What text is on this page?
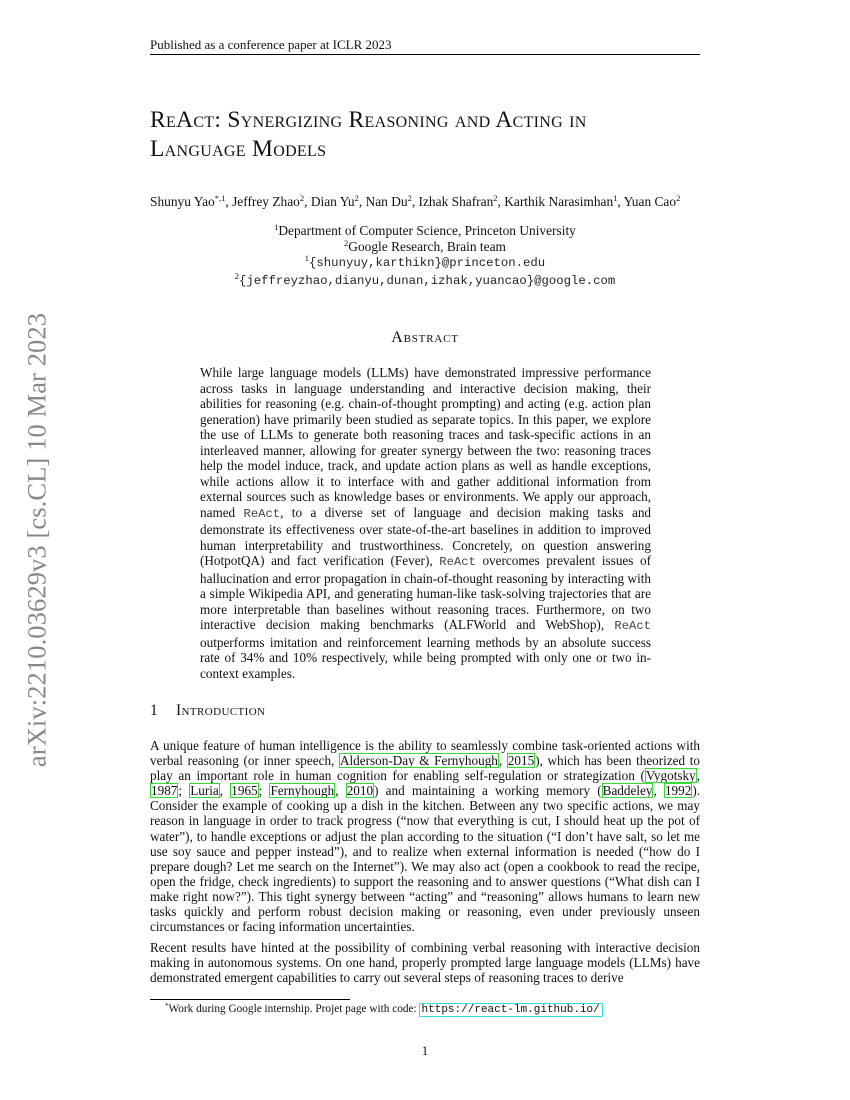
Published as a conference paper at ICLR 2023
arXiv:2210.03629v3 [cs.CL] 10 Mar 2023
ReAct: Synergizing Reasoning and Acting in
Language Models
Shunyu Yao$^{*,1}$, Jeffrey Zhao$^2$, Dian Yu$^2$, Nan Du$^2$, Izhak Shafran$^2$, Karthik Narasimhan$^1$, Yuan Cao$^2$
$^1$Department of Computer Science, Princeton University
$^2$Google Research, Brain team
$^1${shunyuy,karthikn}@princeton.edu
$^2${jeffreyzhao,dianyu,dunan,izhak,yuancao}@google.com
Abstract

While large language models (LLMs) have demonstrated impressive performance across tasks in language understanding and interactive decision making, their abilities for reasoning (e.g. chain-of-thought prompting) and acting (e.g. action plan generation) have primarily been studied as separate topics. In this paper, we explore the use of LLMs to generate both reasoning traces and task-specific actions in an interleaved manner, allowing for greater synergy between the two: reasoning traces help the model induce, track, and update action plans as well as handle exceptions, while actions allow it to interface with and gather additional information from external sources such as knowledge bases or environments. We apply our approach, named ReAct, to a diverse set of language and decision making tasks and demonstrate its effectiveness over state-of-the-art baselines in addition to improved human interpretability and trustworthiness. Concretely, on question answering (HotpotQA) and fact verification (Fever), ReAct overcomes prevalent issues of hallucination and error propagation in chain-of-thought reasoning by interacting with a simple Wikipedia API, and generating human-like task-solving trajectories that are more interpretable than baselines without reasoning traces. Furthermore, on two interactive decision making benchmarks (ALFWorld and WebShop), ReAct outperforms imitation and reinforcement learning methods by an absolute success rate of 34% and 10% respectively, while being prompted with only one or two in-context examples.

1 Introduction

A unique feature of human intelligence is the ability to seamlessly combine task-oriented actions with verbal reasoning (or inner speech, Alderson-Day & Fernyhough, 2015), which has been theorized to play an important role in human cognition for enabling self-regulation or strategization (Vygotsky, 1987; Luria, 1965; Fernyhough, 2010) and maintaining a working memory (Baddeley, 1992). Consider the example of cooking up a dish in the kitchen. Between any two specific actions, we may reason in language in order to track progress (“now that everything is cut, I should heat up the pot of water”), to handle exceptions or adjust the plan according to the situation (“I don’t have salt, so let me use soy sauce and pepper instead”), and to realize when external information is needed (“how do I prepare dough? Let me search on the Internet”). We may also act (open a cookbook to read the recipe, open the fridge, check ingredients) to support the reasoning and to answer questions (“What dish can I make right now?”). This tight synergy between “acting” and “reasoning” allows humans to learn new tasks quickly and perform robust decision making or reasoning, even under previously unseen circumstances or facing information uncertainties.

Recent results have hinted at the possibility of combining verbal reasoning with interactive decision making in autonomous systems. On one hand, properly prompted large language models (LLMs) have demonstrated emergent capabilities to carry out several steps of reasoning traces to derive

*Work during Google internship. Projet page with code: https://react-lm.github.io/
1
